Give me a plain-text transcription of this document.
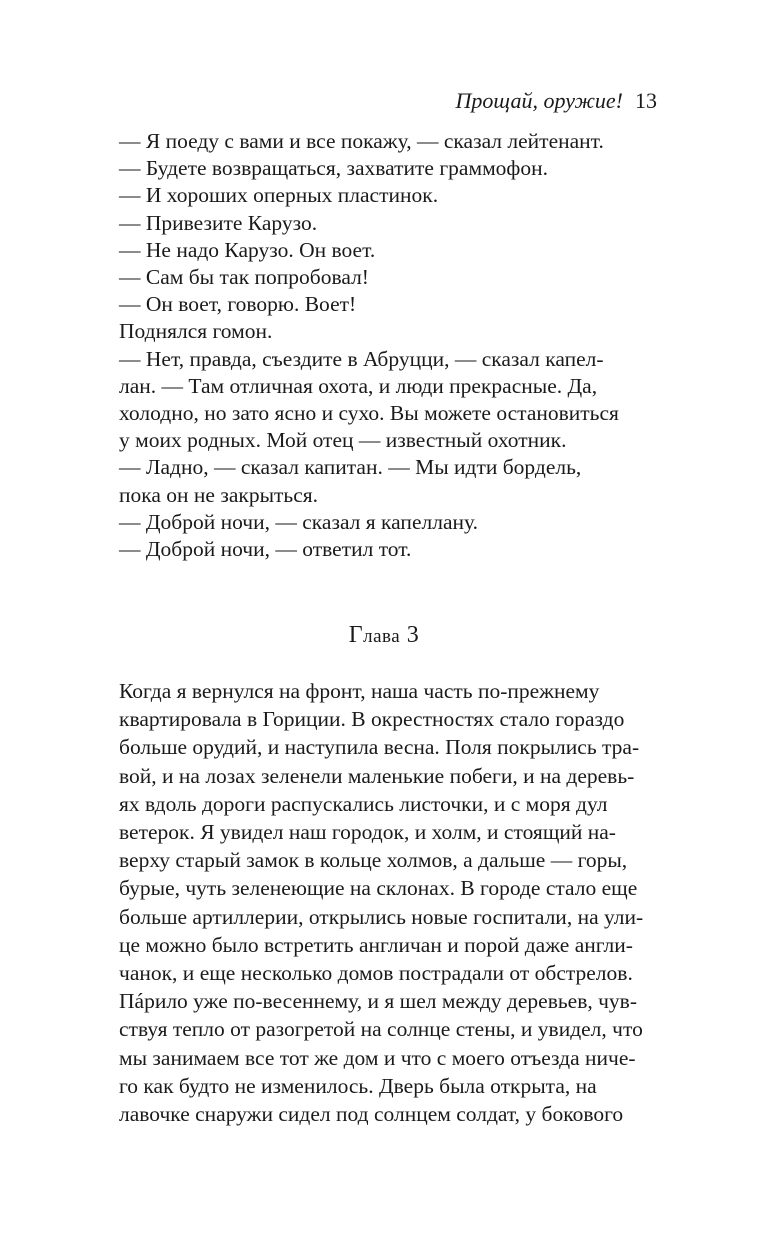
Прощай, оружие! 13

— Я поеду с вами и все покажу, — сказал лейтенант.

— Будете возвращаться, захватите граммофон.

— И хороших оперных пластинок.

— Привезите Карузо.

— Не надо Карузо. Он воет.

— Сам бы так попробовал!

— Он воет, говорю. Воет!

Поднялся гомон.

— Нет, правда, съездите в Абруцци, — сказал капел-

лан. — Там отличная охота, и люди прекрасные. Да,

холодно, но зато ясно и сухо. Вы можете остановиться

у моих родных. Мой отец — известный охотник.

— Ладно, — сказал капитан. — Мы идти бордель,

пока он не закрыться.

— Доброй ночи, — сказал я капеллану.

— Доброй ночи, — ответил тот.

Глава 3

Когда я вернулся на фронт, наша часть по-прежнему

квартировала в Гориции. В окрестностях стало гораздо

больше орудий, и наступила весна. Поля покрылись тра-

вой, и на лозах зеленели маленькие побеги, и на деревь-

ях вдоль дороги распускались листочки, и с моря дул

ветерок. Я увидел наш городок, и холм, и стоящий на-

верху старый замок в кольце холмов, а дальше — горы,

бурые, чуть зеленеющие на склонах. В городе стало еще

больше артиллерии, открылись новые госпитали, на ули-

це можно было встретить англичан и порой даже англи-

чанок, и еще несколько домов пострадали от обстрелов.

Пáрило уже по-весеннему, и я шел между деревьев, чув-

ствуя тепло от разогретой на солнце стены, и увидел, что

мы занимаем все тот же дом и что с моего отъезда ниче-

го как будто не изменилось. Дверь была открыта, на

лавочке снаружи сидел под солнцем солдат, у бокового
